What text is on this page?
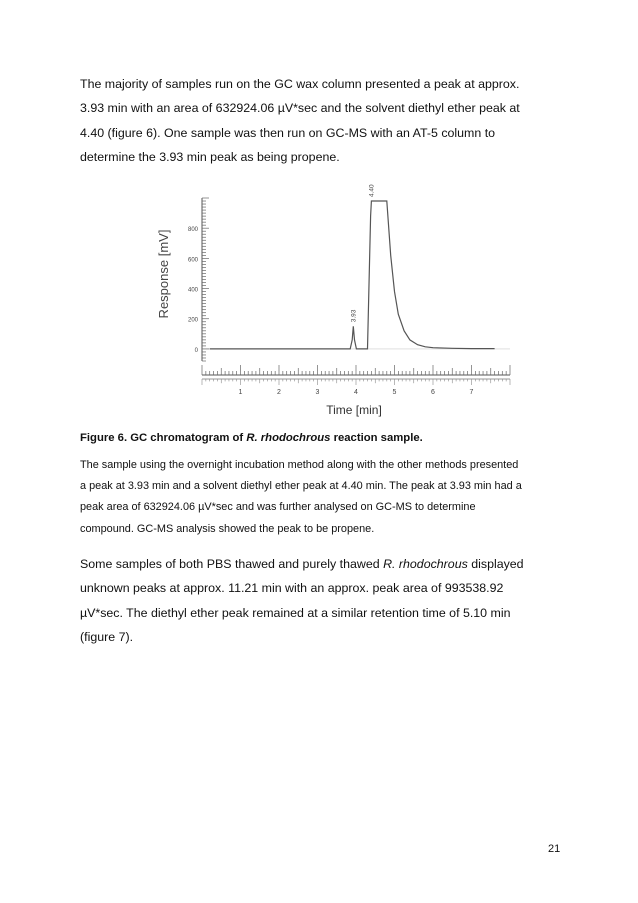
The majority of samples run on the GC wax column presented a peak at approx.
3.93 min with an area of 632924.06 µV*sec and the solvent diethyl ether peak at
4.40 (figure 6). One sample was then run on GC-MS with an AT-5 column to
determine the 3.93 min peak as being propene.
0
200
400
600
800
1	2	3	4	5	6	7
3.93
4.40
Response [mV]
Time [min]
Figure 6. GC chromatogram of R. rhodochrous reaction sample.
The sample using the overnight incubation method along with the other methods presented
a peak at 3.93 min and a solvent diethyl ether peak at 4.40 min. The peak at 3.93 min had a
peak area of 632924.06 µV*sec and was further analysed on GC-MS to determine
compound. GC-MS analysis showed the peak to be propene.
Some samples of both PBS thawed and purely thawed R. rhodochrous displayed
unknown peaks at approx. 11.21 min with an approx. peak area of 993538.92
µV*sec. The diethyl ether peak remained at a similar retention time of 5.10 min
(figure 7).
21
